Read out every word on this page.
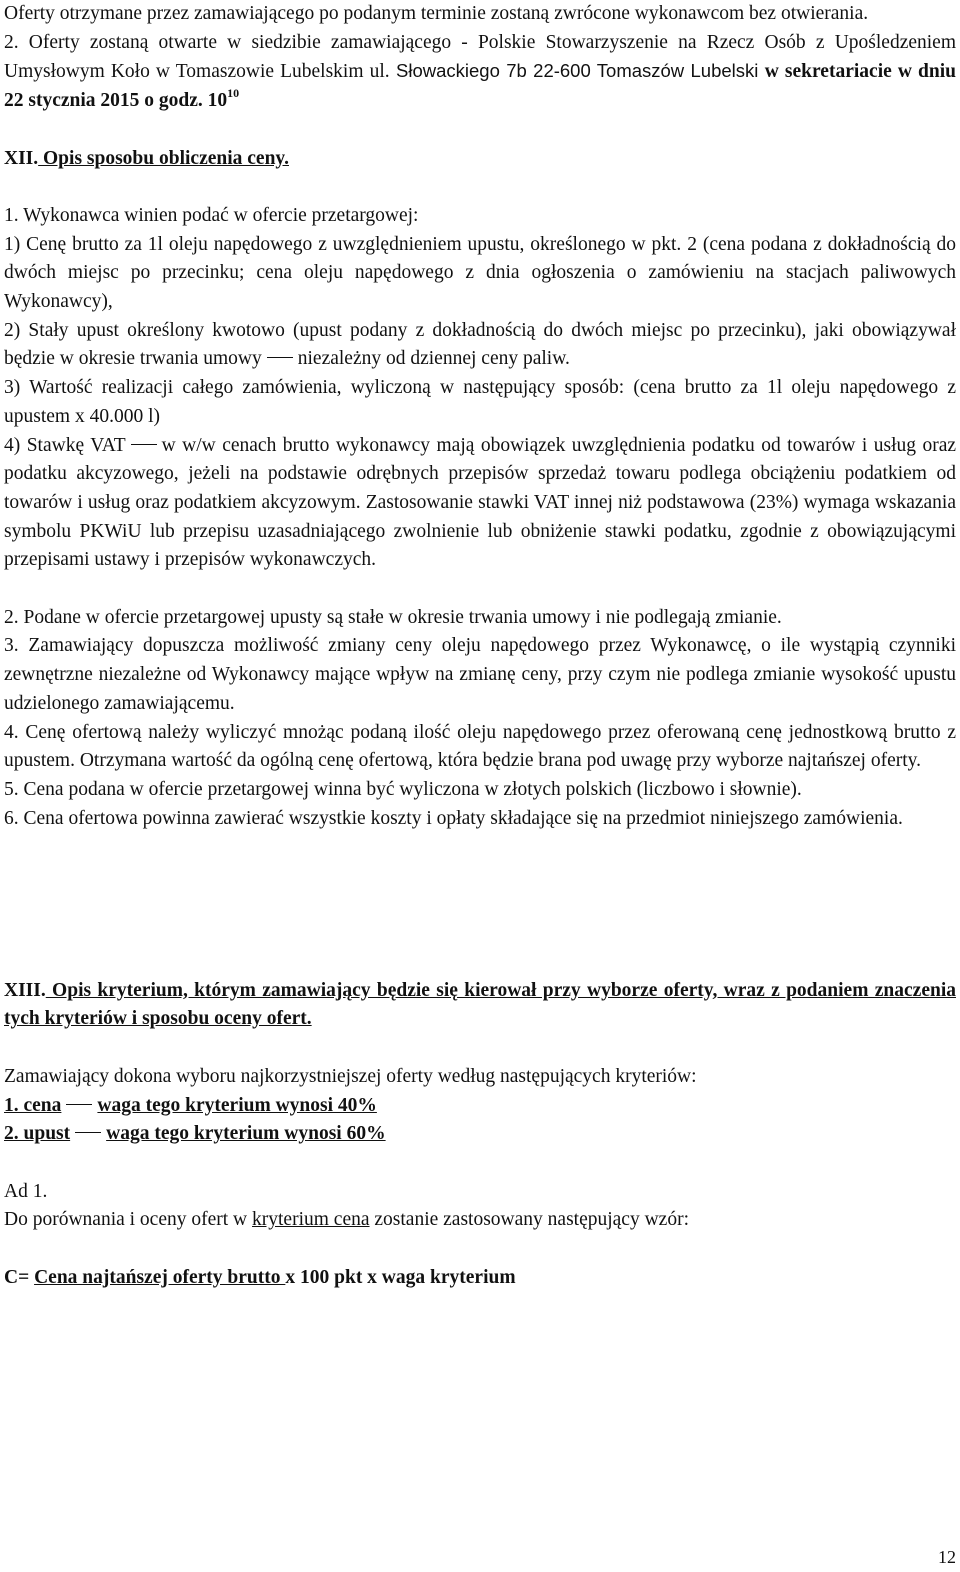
Oferty otrzymane przez zamawiającego po podanym terminie zostaną zwrócone wykonawcom bez otwierania.

2. Oferty zostaną otwarte w siedzibie zamawiającego - Polskie Stowarzyszenie na Rzecz Osób z Upośledzeniem Umysłowym Koło w Tomaszowie Lubelskim ul. Słowackiego 7b 22-600 Tomaszów Lubelski w sekretariacie w dniu 22 stycznia 2015 o godz. $10^{10}$

XII. Opis sposobu obliczenia ceny.

1. Wykonawca winien podać w ofercie przetargowej:

1) Cenę brutto za 1l oleju napędowego z uwzględnieniem upustu, określonego w pkt. 2 (cena podana z dokładnością do dwóch miejsc po przecinku; cena oleju napędowego z dnia ogłoszenia o zamówieniu na stacjach paliwowych Wykonawcy),

2) Stały upust określony kwotowo (upust podany z dokładnością do dwóch miejsc po przecinku), jaki obowiązywał będzie w okresie trwania umowy niezależny od dziennej ceny paliw.

3) Wartość realizacji całego zamówienia, wyliczoną w następujący sposób: (cena brutto za 1l oleju napędowego z upustem x 40.000 l)

4) Stawkę VAT w w/w cenach brutto wykonawcy mają obowiązek uwzględnienia podatku od towarów i usług oraz podatku akcyzowego, jeżeli na podstawie odrębnych przepisów sprzedaż towaru podlega obciążeniu podatkiem od towarów i usług oraz podatkiem akcyzowym. Zastosowanie stawki VAT innej niż podstawowa (23%) wymaga wskazania symbolu PKWiU lub przepisu uzasadniającego zwolnienie lub obniżenie stawki podatku, zgodnie z obowiązującymi przepisami ustawy i przepisów wykonawczych.

2. Podane w ofercie przetargowej upusty są stałe w okresie trwania umowy i nie podlegają zmianie.

3. Zamawiający dopuszcza możliwość zmiany ceny oleju napędowego przez Wykonawcę, o ile wystąpią czynniki zewnętrzne niezależne od Wykonawcy mające wpływ na zmianę ceny, przy czym nie podlega zmianie wysokość upustu udzielonego zamawiającemu.

4. Cenę ofertową należy wyliczyć mnożąc podaną ilość oleju napędowego przez oferowaną cenę jednostkową brutto z upustem. Otrzymana wartość da ogólną cenę ofertową, która będzie brana pod uwagę przy wyborze najtańszej oferty.

5. Cena podana w ofercie przetargowej winna być wyliczona w złotych polskich (liczbowo i słownie).

6. Cena ofertowa powinna zawierać wszystkie koszty i opłaty składające się na przedmiot niniejszego zamówienia.

XIII. Opis kryterium, którym zamawiający będzie się kierował przy wyborze oferty, wraz z podaniem znaczenia tych kryteriów i sposobu oceny ofert.

Zamawiający dokona wyboru najkorzystniejszej oferty według następujących kryteriów:

1. cena waga tego kryterium wynosi 40%

2. upust waga tego kryterium wynosi 60%

Ad 1.

Do porównania i oceny ofert w kryterium cena zostanie zastosowany następujący wzór:

C= Cena najtańszej oferty brutto x 100 pkt x waga kryterium

12
